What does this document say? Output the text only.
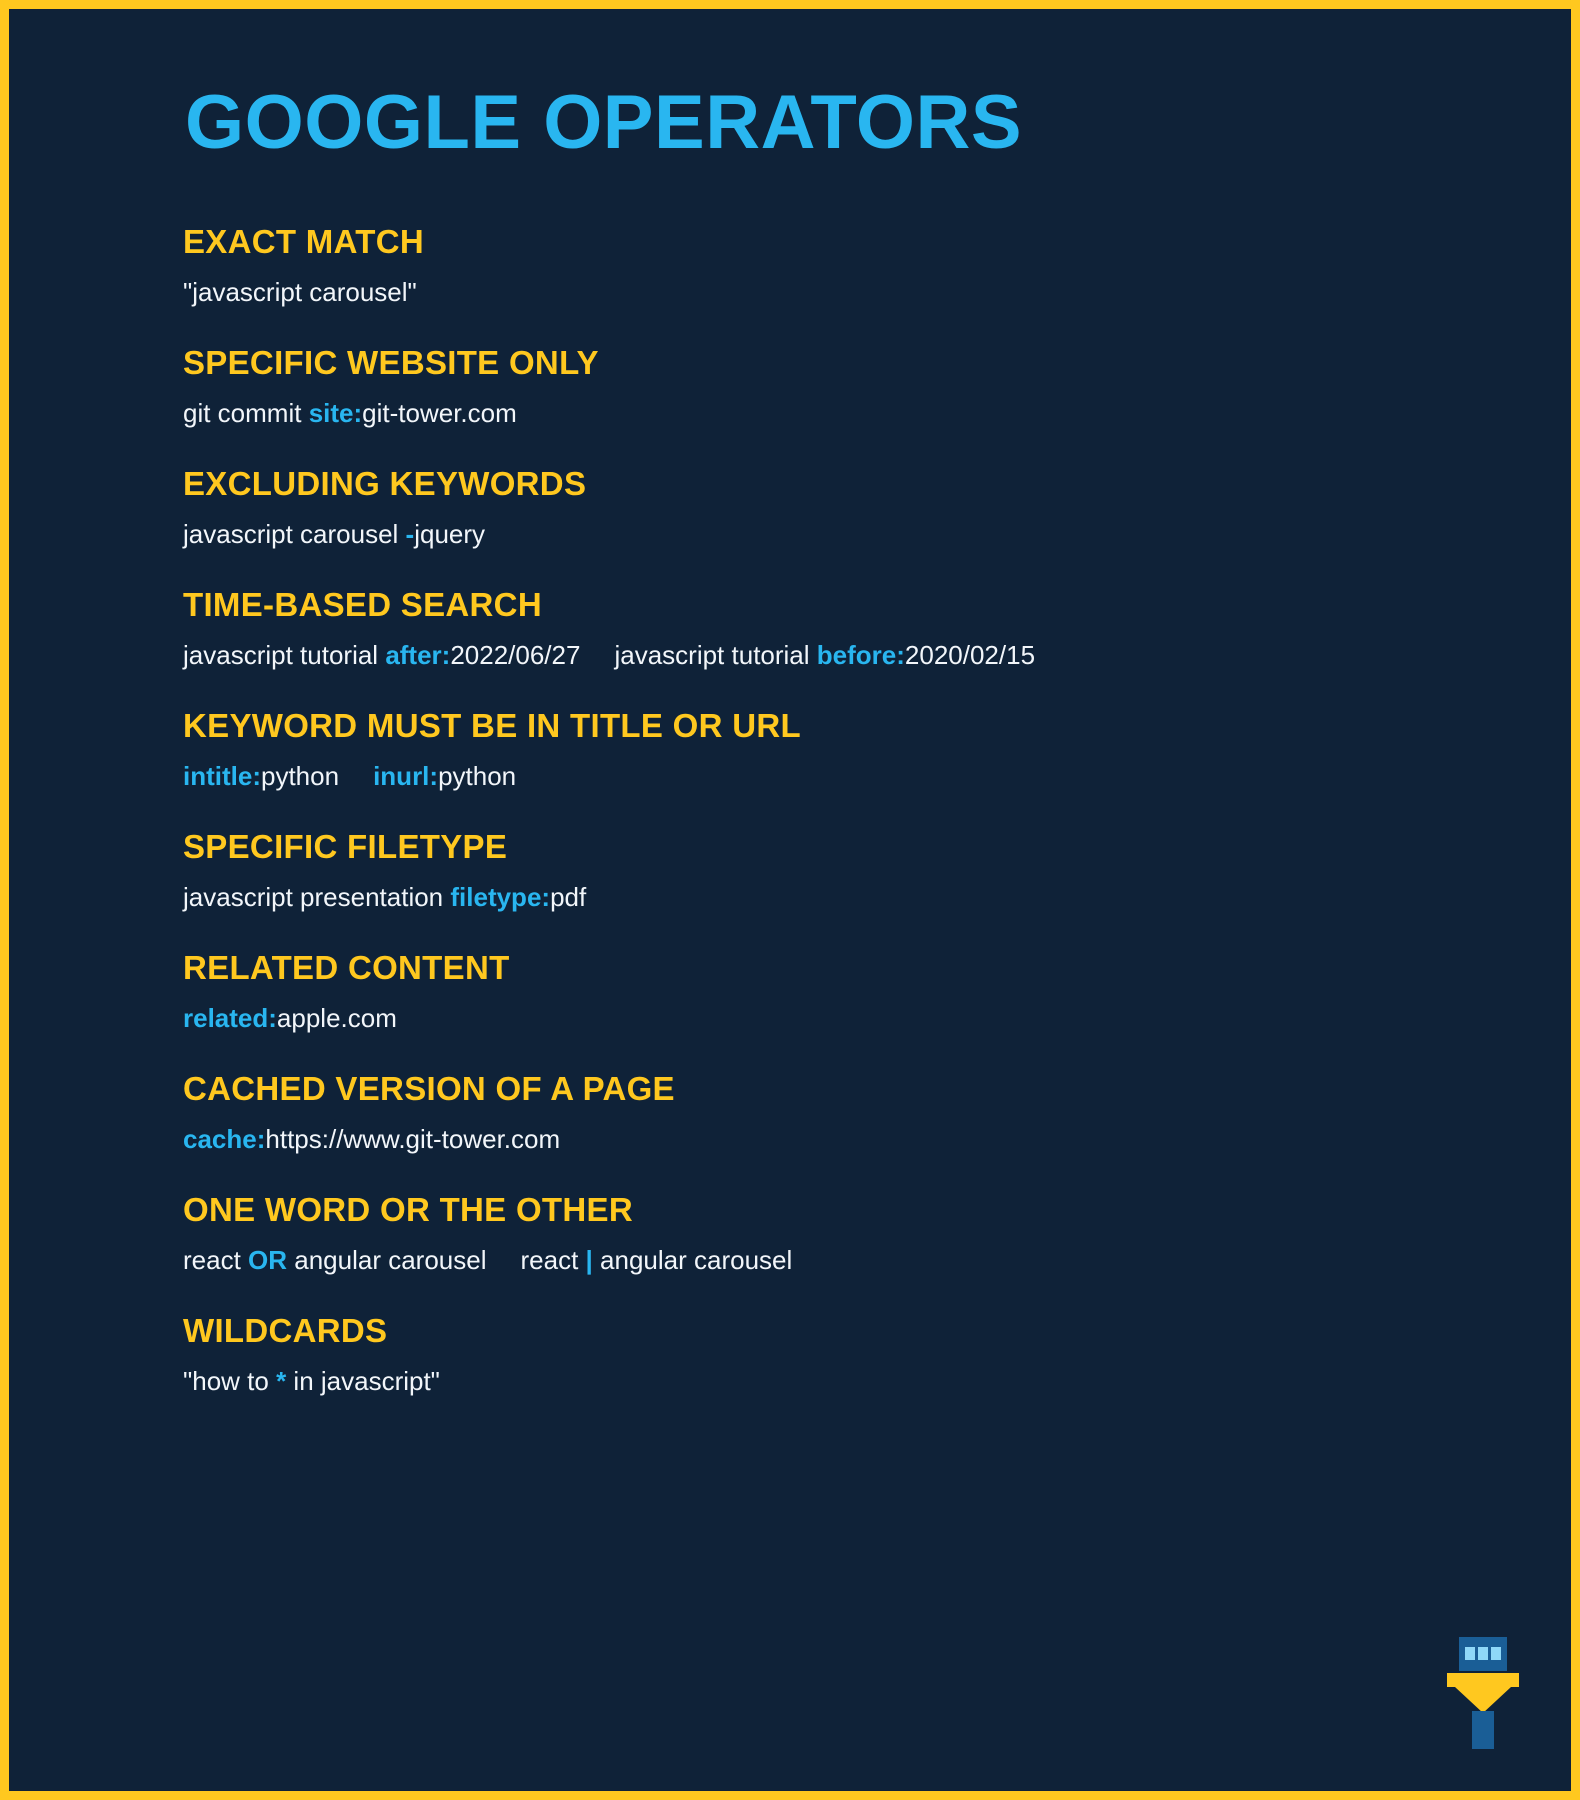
GOOGLE OPERATORS
EXACT MATCH
"javascript carousel"
SPECIFIC WEBSITE ONLY
git commit site:git-tower.com
EXCLUDING KEYWORDS
javascript carousel -jquery
TIME-BASED SEARCH
javascript tutorial after:2022/06/27 javascript tutorial before:2020/02/15
KEYWORD MUST BE IN TITLE OR URL
intitle:python inurl:python
SPECIFIC FILETYPE
javascript presentation filetype:pdf
RELATED CONTENT
related:apple.com
CACHED VERSION OF A PAGE
cache:https://www.git-tower.com
ONE WORD OR THE OTHER
react OR angular carousel react | angular carousel
WILDCARDS
"how to * in javascript"
